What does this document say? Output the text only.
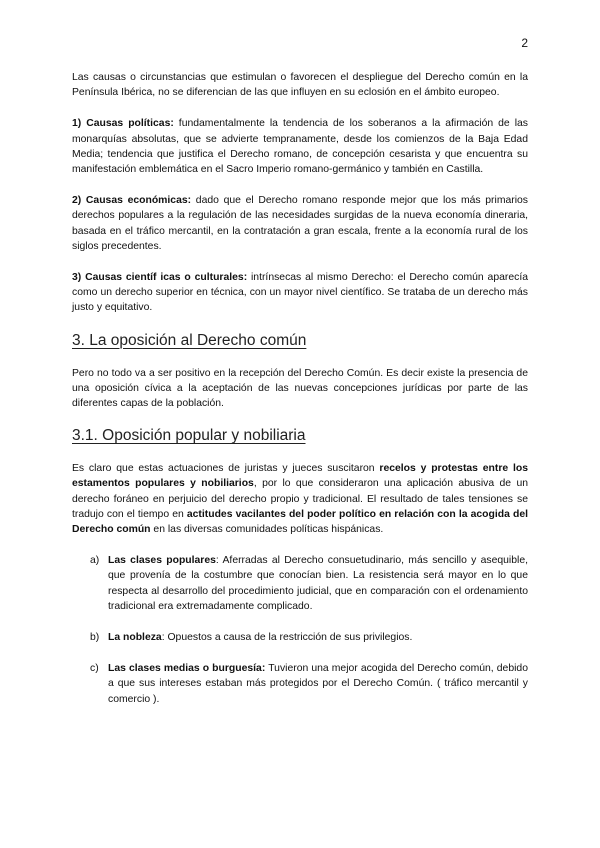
2

Las causas o circunstancias que estimulan o favorecen el despliegue del Derecho común en la Península Ibérica, no se diferencian de las que influyen en su eclosión en el ámbito europeo.

1) Causas políticas: fundamentalmente la tendencia de los soberanos a la afirmación de las monarquías absolutas, que se advierte tempranamente, desde los comienzos de la Baja Edad Media; tendencia que justifica el Derecho romano, de concepción cesarista y que encuentra su manifestación emblemática en el Sacro Imperio romano-germánico y también en Castilla.

2) Causas económicas: dado que el Derecho romano responde mejor que los más primarios derechos populares a la regulación de las necesidades surgidas de la nueva economía dineraria, basada en el tráfico mercantil, en la contratación a gran escala, frente a la economía rural de los siglos precedentes.

3) Causas científ icas o culturales: intrínsecas al mismo Derecho: el Derecho común aparecía como un derecho superior en técnica, con un mayor nivel científico. Se trataba de un derecho más justo y equitativo.

3. La oposición al Derecho común

Pero no todo va a ser positivo en la recepción del Derecho Común. Es decir existe la presencia de una oposición cívica a la aceptación de las nuevas concepciones jurídicas por parte de las diferentes capas de la población.

3.1. Oposición popular y nobiliaria

Es claro que estas actuaciones de juristas y jueces suscitaron recelos y protestas entre los estamentos populares y nobiliarios, por lo que consideraron una aplicación abusiva de un derecho foráneo en perjuicio del derecho propio y tradicional. El resultado de tales tensiones se tradujo con el tiempo en actitudes vacilantes del poder político en relación con la acogida del Derecho común en las diversas comunidades políticas hispánicas.

a) Las clases populares: Aferradas al Derecho consuetudinario, más sencillo y asequible, que provenía de la costumbre que conocían bien. La resistencia será mayor en lo que respecta al desarrollo del procedimiento judicial, que en comparación con el ordenamiento tradicional era extremadamente complicado.
b) La nobleza: Opuestos a causa de la restricción de sus privilegios.
c) Las clases medias o burguesía: Tuvieron una mejor acogida del Derecho común, debido a que sus intereses estaban más protegidos por el Derecho Común. ( tráfico mercantil y comercio ).
